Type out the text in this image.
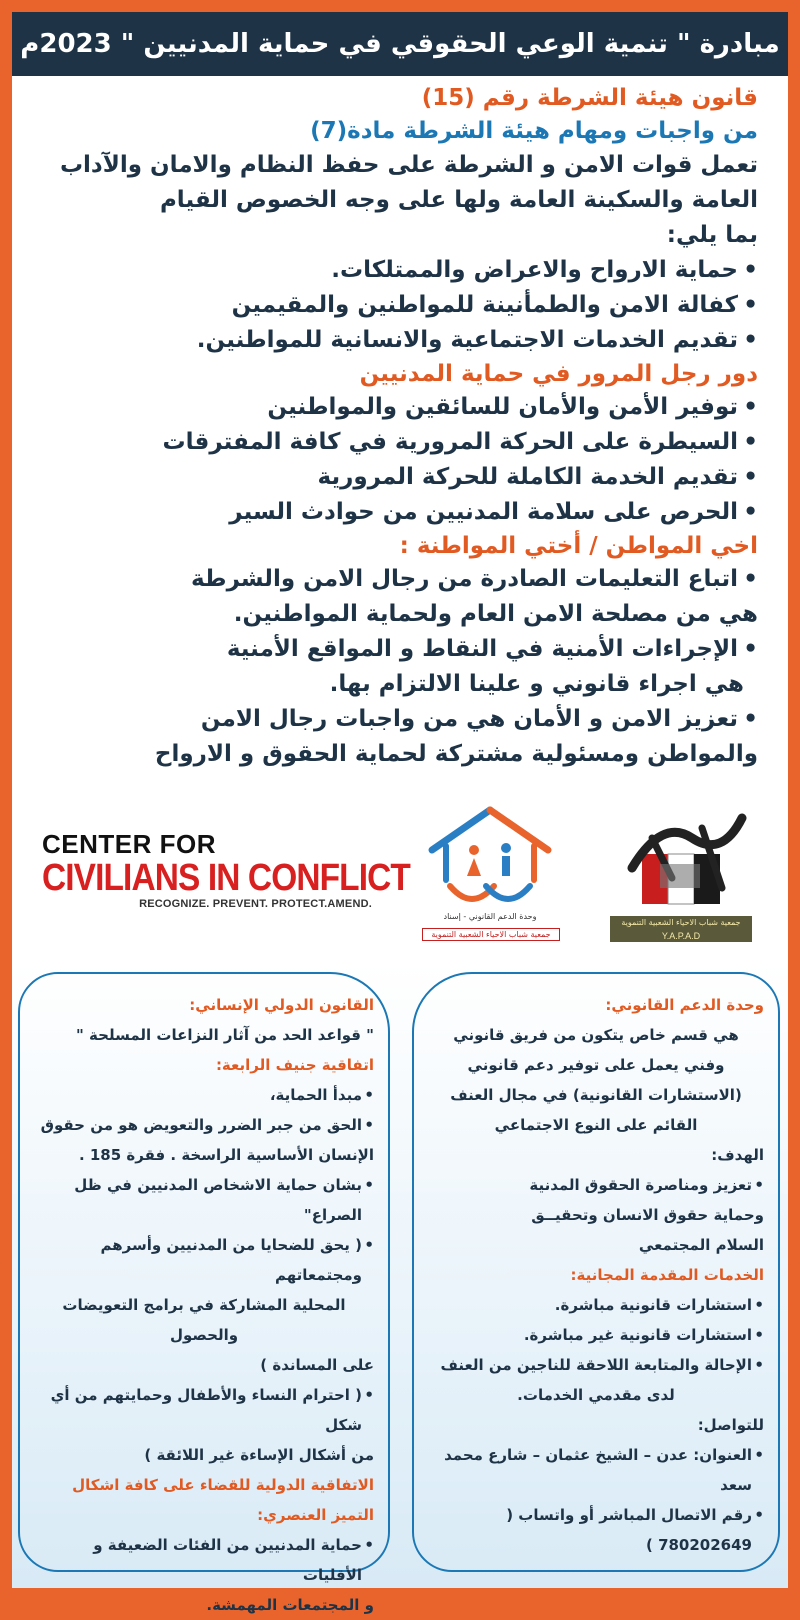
مبادرة " تنمية الوعي الحقوقي في حماية المدنيين " 2023م
قانون هيئة الشرطة رقم (15)
من واجبات ومهام هيئة الشرطة مادة(7)
تعمل قوات الامن و الشرطة على حفظ النظام والامان والآداب
العامة والسكينة العامة ولها على وجه الخصوص القيام
بما يلي:
• حماية الارواح والاعراض والممتلكات.
• كفالة الامن والطمأنينة للمواطنين والمقيمين
• تقديم الخدمات الاجتماعية والانسانية للمواطنين.
دور رجل المرور في حماية المدنيين
• توفير الأمن والأمان للسائقين والمواطنين
• السيطرة على الحركة المرورية في كافة المفترقات
• تقديم الخدمة الكاملة للحركة المرورية
• الحرص على سلامة المدنيين من حوادث السير
اخي المواطن / أختي المواطنة :
• اتباع التعليمات الصادرة من رجال الامن والشرطة
هي من مصلحة الامن العام ولحماية المواطنين.
• الإجراءات الأمنية في النقاط و المواقع الأمنية
هي اجراء قانوني و علينا الالتزام بها.
• تعزيز الامن و الأمان هي من واجبات رجال الامن
والمواطن ومسئولية مشتركة لحماية الحقوق و الارواح
CENTER FOR
CIVILIANS IN CONFLICT
RECOGNIZE. PREVENT. PROTECT.AMEND.
وحدة الدعم القانوني - إسناد
جمعية شباب الاحياء الشعبية التنموية
جمعية شباب الاحياء الشعبية التنموية
Y.A.P.A.D
وحدة الدعم القانوني:
هي قسم خاص يتكون من فريق قانوني
وفني يعمل على توفير دعم قانوني
(الاستشارات القانونية) في مجال العنف
القائم على النوع الاجتماعي
الهدف:
• تعزيز ومناصرة الحقوق المدنية
وحماية حقوق الانسان وتحقيــق
السلام المجتمعي
الخدمات المقدمة المجانية:
• استشارات قانونية مباشرة.
• استشارات قانونية غير مباشرة.
• الإحالة والمتابعة اللاحقة للناجين من العنف
لدى مقدمي الخدمات.
للتواصل:
• العنوان: عدن – الشيخ عثمان – شارع محمد سعد
• رقم الاتصال المباشر أو واتساب ( 780202649 )
القانون الدولي الإنساني:
" قواعد الحد من آثار النزاعات المسلحة "
اتفاقية جنيف الرابعة:
• مبدأ الحماية،
• الحق من جبر الضرر والتعويض هو من حقوق
الإنسان الأساسية الراسخة . فقرة 185 .
• بشان حماية الاشخاص المدنيين في ظل الصراع"
• ( يحق للضحايا من المدنيين وأسرهم ومجتمعاتهم
المحلية المشاركة في برامج التعويضات والحصول
على المساندة )
• ( احترام النساء والأطفال وحمايتهم من أي شكل
من أشكال الإساءة غير اللائقة )
الاتفاقية الدولية للقضاء على كافة اشكال
التميز العنصري:
• حماية المدنيين من الفئات الضعيفة و الأقليات
و المجتمعات المهمشة.
